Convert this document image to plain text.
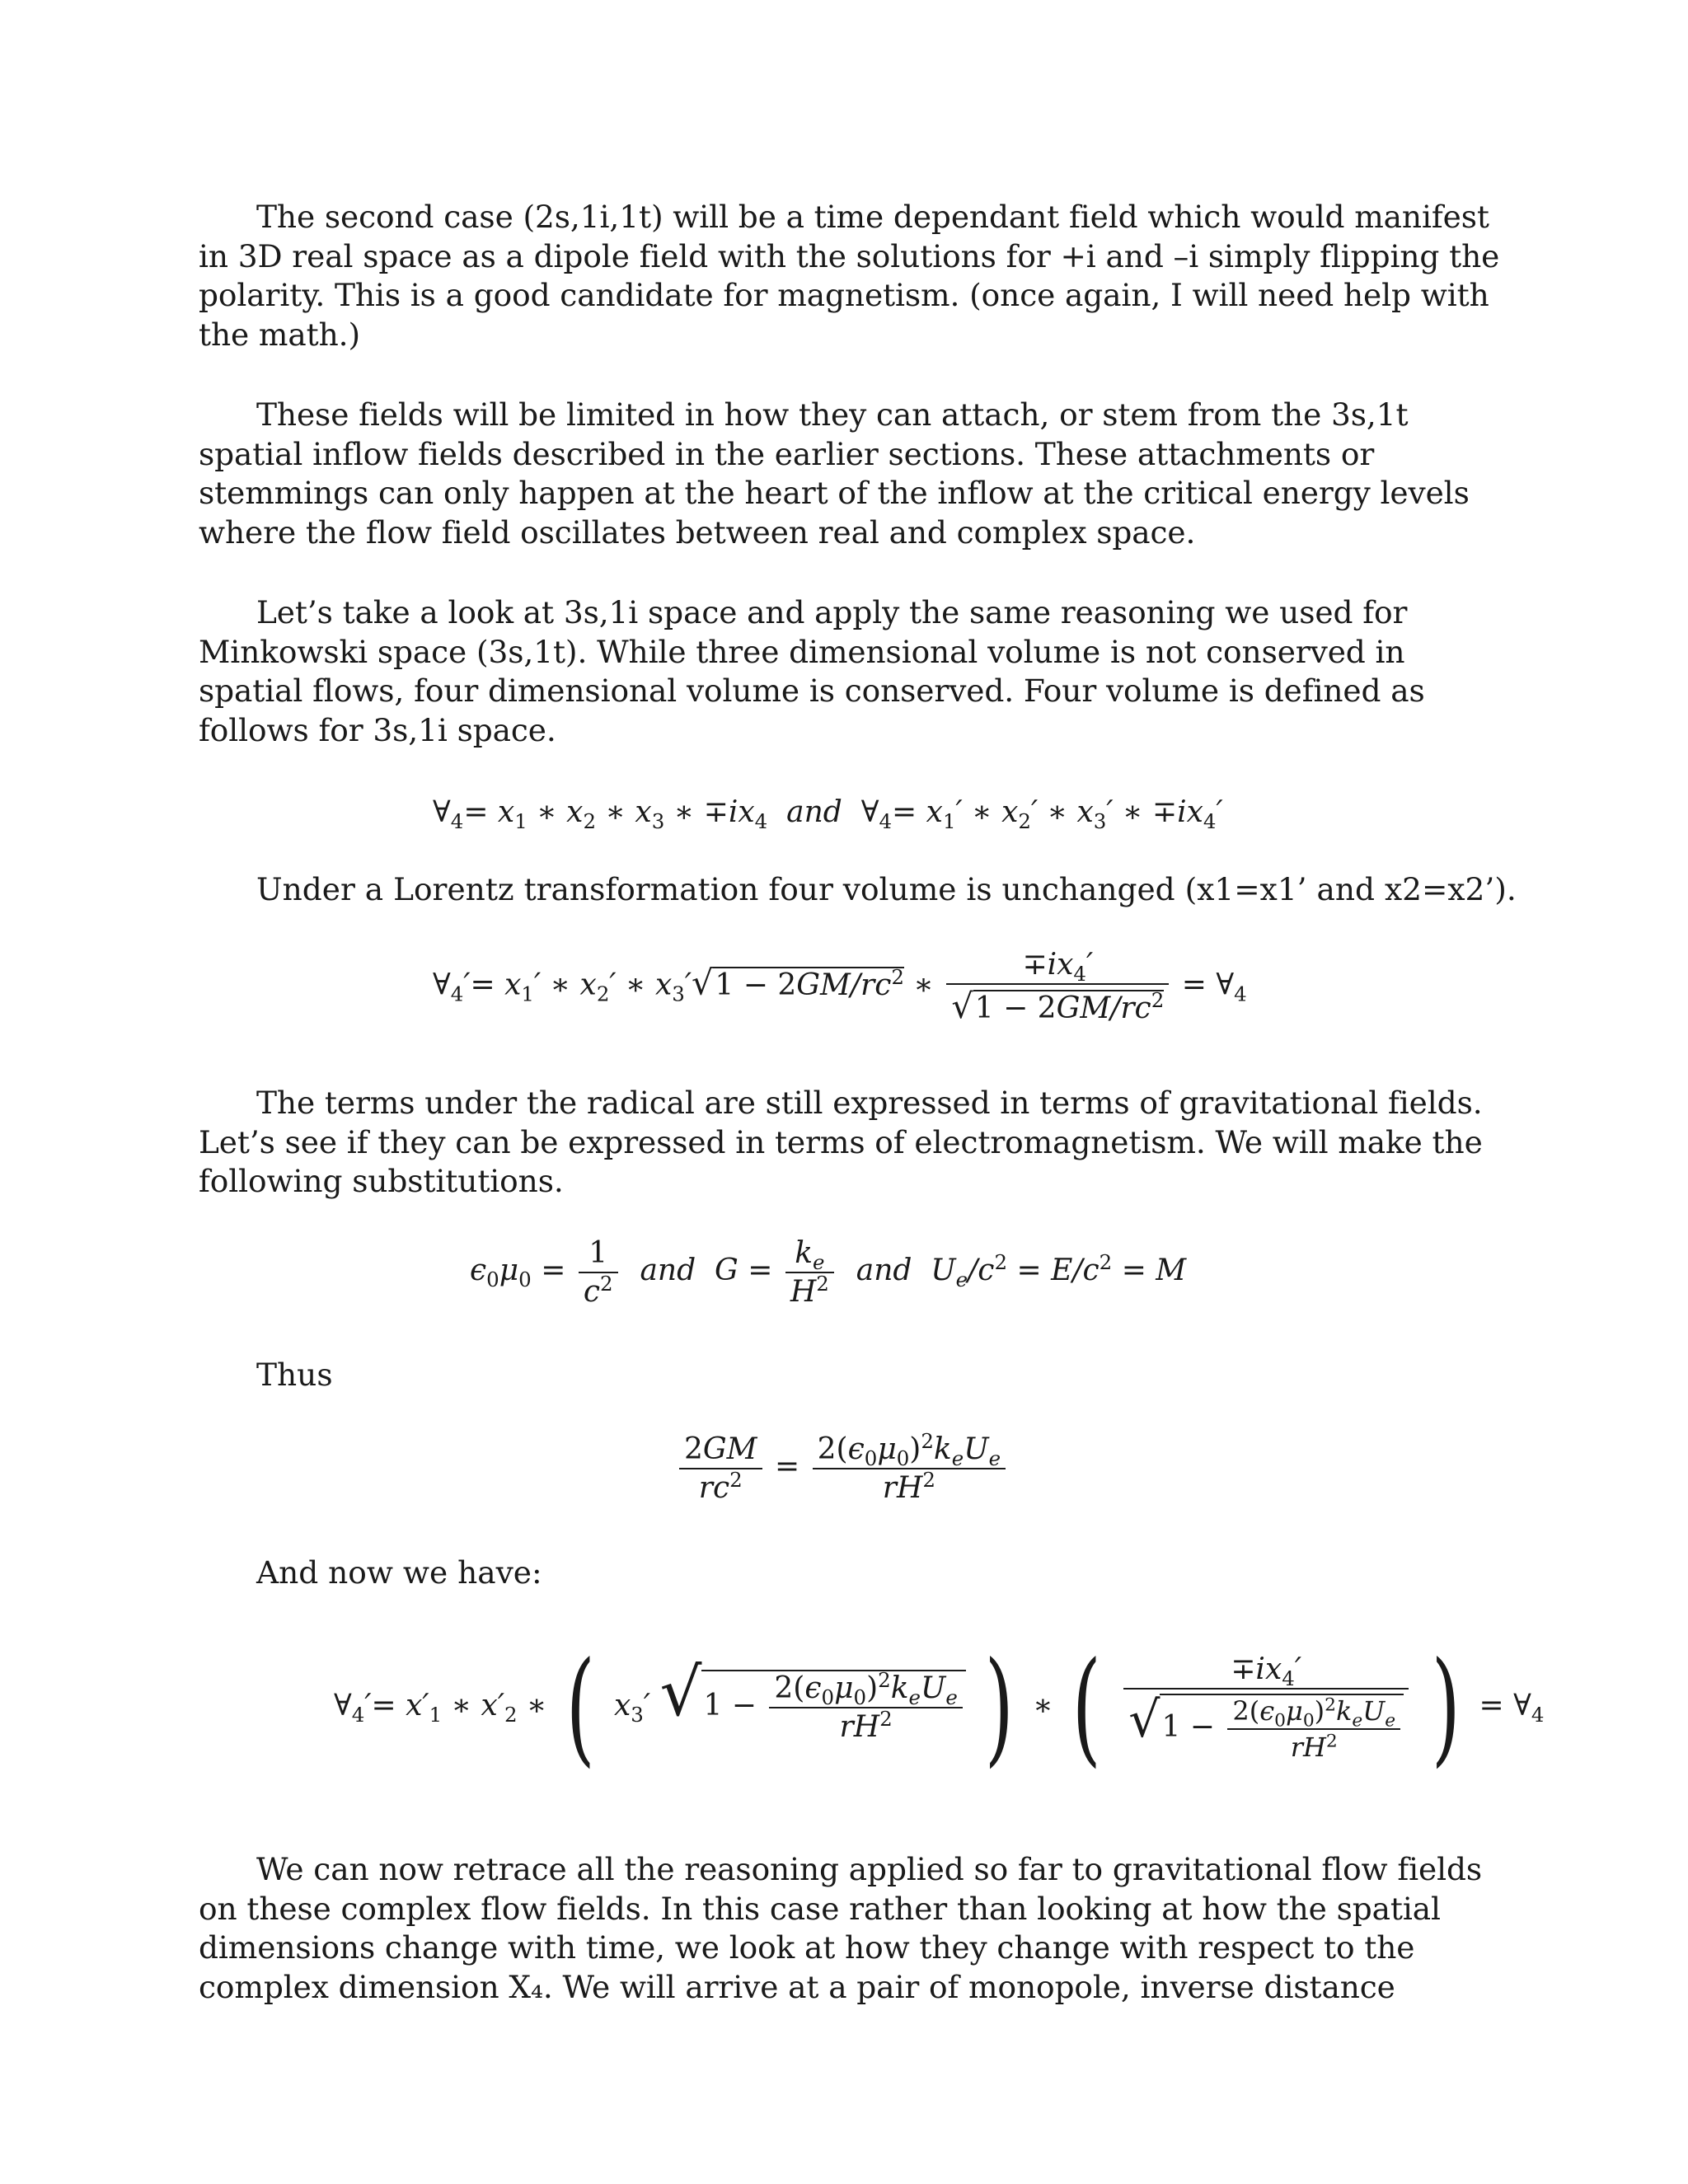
The second case (2s,1i,1t) will be a time dependant field which would manifest
in 3D real space as a dipole field with the solutions for +i and –i simply flipping the
polarity. This is a good candidate for magnetism. (once again, I will need help with
the math.)

These fields will be limited in how they can attach, or stem from the 3s,1t
spatial inflow fields described in the earlier sections. These attachments or
stemmings can only happen at the heart of the inflow at the critical energy levels
where the flow field oscillates between real and complex space.

Let’s take a look at 3s,1i space and apply the same reasoning we used for
Minkowski space (3s,1t). While three dimensional volume is not conserved in
spatial flows, four dimensional volume is conserved. Four volume is defined as
follows for 3s,1i space.

$\forall_4= x_1$ ∗ $x_2$ ∗ $x_3$ ∗ $\mp ix_4$  and  $\forall_4= x_1'$ ∗ $x_2'$ ∗ $x_3'$ ∗ $\mp ix_4'$
Under a Lorentz transformation four volume is unchanged (x1=x1’ and x2=x2’).
$\forall_4'= x_1'$ ∗ $x_2'$ ∗ $x_3'√1 - 2GM/rc^2$ ∗ $\frac{\mp ix_4'}{√1 - 2GM/rc^2}$ = $\forall_4$

The terms under the radical are still expressed in terms of gravitational fields.
Let’s see if they can be expressed in terms of electromagnetism. We will make the
following substitutions.

$\epsilon_0\mu_0 = \frac{1}{c^2}$ and  $G = \frac{k_e}{H^2}$ and  $U_e/c^2 = E/c^2 = M$
Thus
$\frac{2GM}{rc^2} = \frac{2(\epsilon_0\mu_0)^2k_eU_e}{rH^2}$
And now we have:
$\forall_4'= x'_1$ ∗ $x'_2$ ∗ ( $x_3'$ $√1 - \frac{2(\epsilon_0\mu_0)^2k_eU_e}{rH^2}$ ) ∗ ( $\frac{\mp ix_4'}{√1 - \frac{2(\epsilon_0\mu_0)^2k_eU_e}{rH^2}}$ ) = $\forall_4$

We can now retrace all the reasoning applied so far to gravitational flow fields
on these complex flow fields. In this case rather than looking at how the spatial
dimensions change with time, we look at how they change with respect to the
complex dimension X₄. We will arrive at a pair of monopole, inverse distance
